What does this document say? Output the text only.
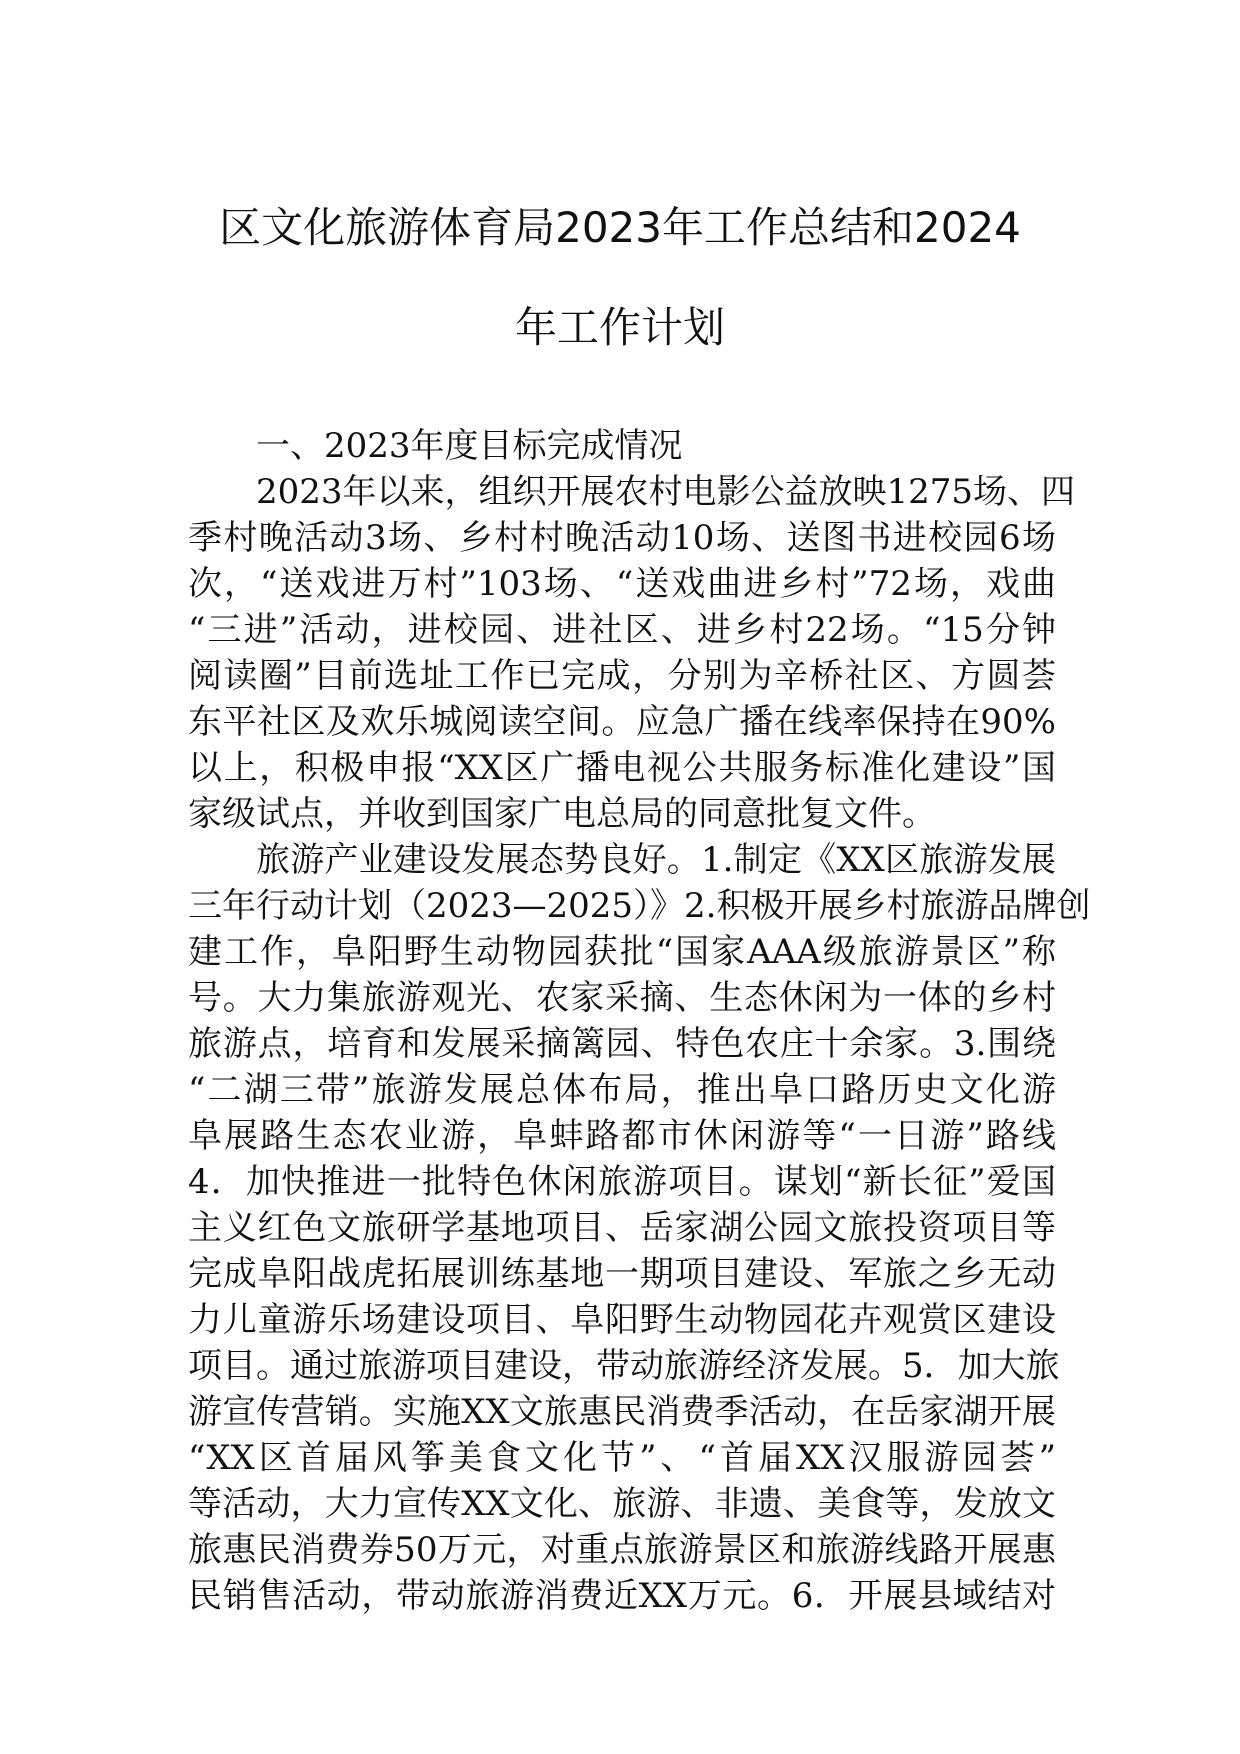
区文化旅游体育局2023年工作总结和2024
年工作计划
一、2023年度目标完成情况
2023年以来，组织开展农村电影公益放映1275场、四
季村晚活动3场、乡村村晚活动10场、送图书进校园6场
次，“送戏进万村”103场、“送戏曲进乡村”72场，戏曲
“三进”活动，进校园、进社区、进乡村22场。“15分钟
阅读圈”目前选址工作已完成，分别为辛桥社区、方圆荟
东平社区及欢乐城阅读空间。应急广播在线率保持在90%
以上，积极申报“XX区广播电视公共服务标准化建设”国
家级试点，并收到国家广电总局的同意批复文件。
旅游产业建设发展态势良好。1.制定《XX区旅游发展
三年行动计划（2023—2025）》2.积极开展乡村旅游品牌创
建工作，阜阳野生动物园获批“国家AAA级旅游景区”称
号。大力集旅游观光、农家采摘、生态休闲为一体的乡村
旅游点，培育和发展采摘篱园、特色农庄十余家。3.围绕
“二湖三带”旅游发展总体布局，推出阜口路历史文化游
阜展路生态农业游，阜蚌路都市休闲游等“一日游”路线
4．加快推进一批特色休闲旅游项目。谋划“新长征”爱国
主义红色文旅研学基地项目、岳家湖公园文旅投资项目等
完成阜阳战虎拓展训练基地一期项目建设、军旅之乡无动
力儿童游乐场建设项目、阜阳野生动物园花卉观赏区建设
项目。通过旅游项目建设，带动旅游经济发展。5．加大旅
游宣传营销。实施XX文旅惠民消费季活动，在岳家湖开展
“XX区首届风筝美食文化节”、“首届XX汉服游园荟”
等活动，大力宣传XX文化、旅游、非遗、美食等，发放文
旅惠民消费券50万元，对重点旅游景区和旅游线路开展惠
民销售活动，带动旅游消费近XX万元。6．开展县域结对
